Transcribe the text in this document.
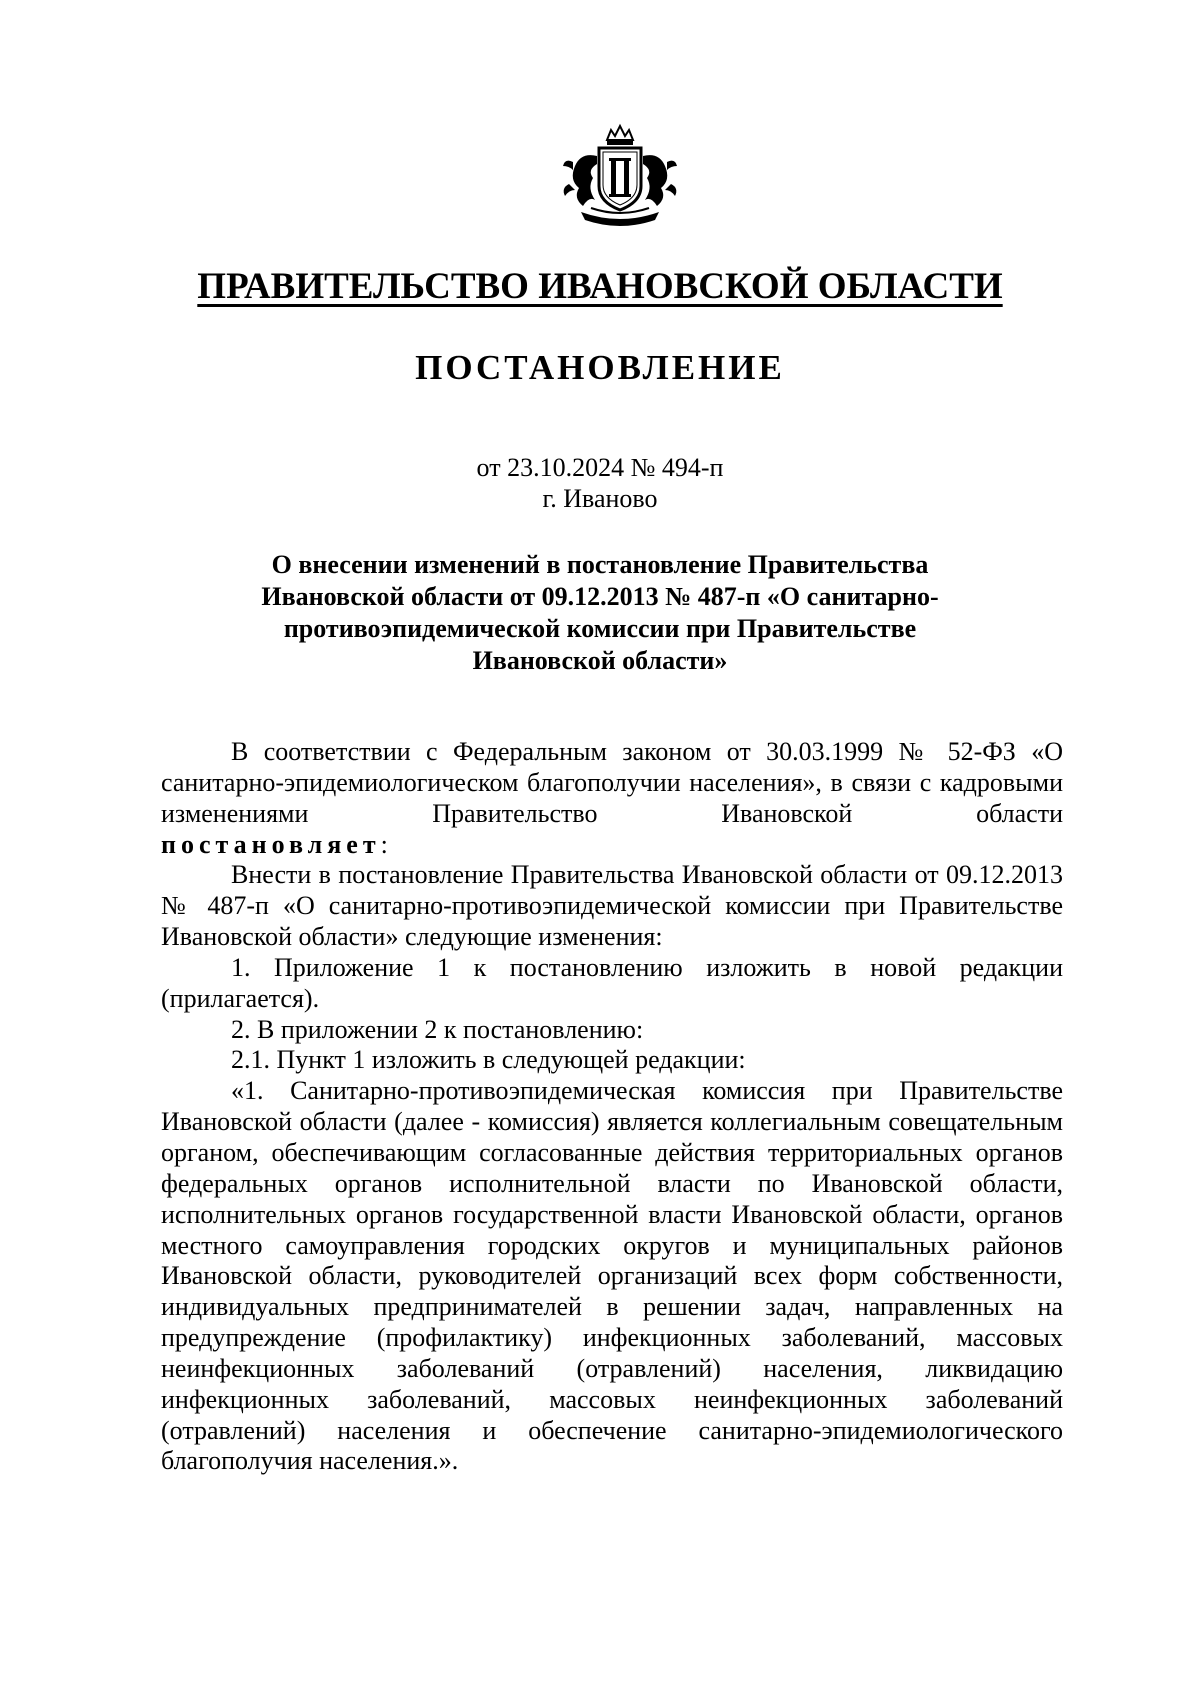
ПРАВИТЕЛЬСТВО ИВАНОВСКОЙ ОБЛАСТИ
ПОСТАНОВЛЕНИЕ
от 23.10.2024 № 494-п
г. Иваново
О внесении изменений в постановление Правительства
Ивановской области от 09.12.2013 № 487-п «О санитарно-
противоэпидемической комиссии при Правительстве
Ивановской области»

В соответствии с Федеральным законом от 30.03.1999 № 52-ФЗ «О санитарно-эпидемиологическом благополучии населения», в связи с кадровыми изменениями Правительство Ивановской области

постановляет:

Внести в постановление Правительства Ивановской области от 09.12.2013 № 487-п «О санитарно-противоэпидемической комиссии при Правительстве Ивановской области» следующие изменения:

1. Приложение 1 к постановлению изложить в новой редакции (прилагается).

2. В приложении 2 к постановлению:

2.1. Пункт 1 изложить в следующей редакции:

«1. Санитарно-противоэпидемическая комиссия при Правительстве Ивановской области (далее - комиссия) является коллегиальным совещательным органом, обеспечивающим согласованные действия территориальных органов федеральных органов исполнительной власти по Ивановской области, исполнительных органов государственной власти Ивановской области, органов местного самоуправления городских округов и муниципальных районов Ивановской области, руководителей организаций всех форм собственности, индивидуальных предпринимателей в решении задач, направленных на предупреждение (профилактику) инфекционных заболеваний, массовых неинфекционных заболеваний (отравлений) населения, ликвидацию инфекционных заболеваний, массовых неинфекционных заболеваний (отравлений) населения и обеспечение санитарно-эпидемиологического благополучия населения.».
